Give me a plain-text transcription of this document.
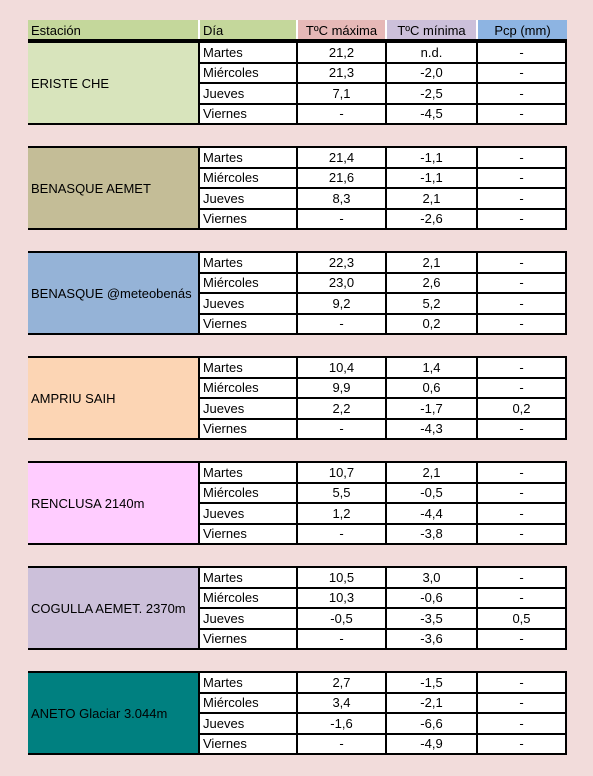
Estación	Día	TºC máxima	TºC mínima	Pcp (mm)
ERISTE CHE
Martes	21,2	n.d.	-
Miércoles	21,3	-2,0	-
Jueves	7,1	-2,5	-
Viernes	-	-4,5	-
BENASQUE AEMET
Martes	21,4	-1,1	-
Miércoles	21,6	-1,1	-
Jueves	8,3	2,1	-
Viernes	-	-2,6	-
BENASQUE @meteobenás
Martes	22,3	2,1	-
Miércoles	23,0	2,6	-
Jueves	9,2	5,2	-
Viernes	-	0,2	-
AMPRIU SAIH
Martes	10,4	1,4	-
Miércoles	9,9	0,6	-
Jueves	2,2	-1,7	0,2
Viernes	-	-4,3	-
RENCLUSA 2140m
Martes	10,7	2,1	-
Miércoles	5,5	-0,5	-
Jueves	1,2	-4,4	-
Viernes	-	-3,8	-
COGULLA AEMET. 2370m
Martes	10,5	3,0	-
Miércoles	10,3	-0,6	-
Jueves	-0,5	-3,5	0,5
Viernes	-	-3,6	-
ANETO Glaciar 3.044m
Martes	2,7	-1,5	-
Miércoles	3,4	-2,1	-
Jueves	-1,6	-6,6	-
Viernes	-	-4,9	-
